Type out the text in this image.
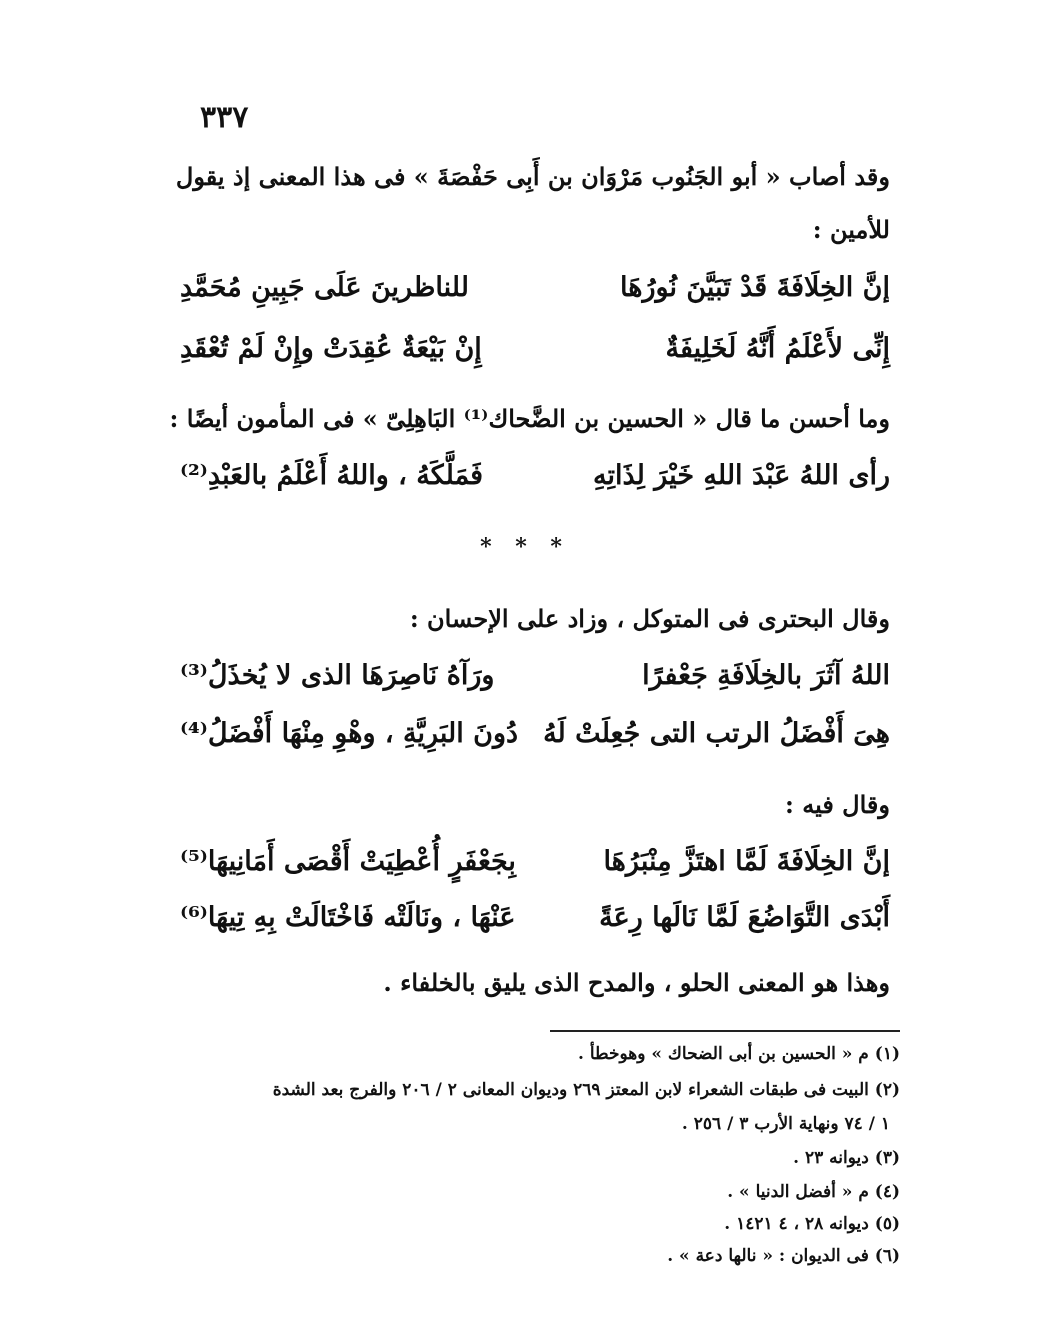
٣٣٧
وقد أصاب « أبو الجَنُوب مَرْوَان بن أَبِى حَفْصَةَ » فى هذا المعنى إذ يقول
للأمين :
إنَّ الخِلَافَةَ قَدْ تَبَيَّنَ نُورُهَا
للناظرينَ عَلَى جَبِينِ مُحَمَّدِ
إِنِّى لأَعْلَمُ أَنَّهُ لَخَلِيفَةٌ
إِنْ بَيْعَةٌ عُقِدَتْ وإِنْ لَمْ تُعْقَدِ
وما أحسن ما قال « الحسين بن الضَّحاك⁽¹⁾ البَاهِلِىّ » فى المأمون أيضًا :
رأى اللهُ عَبْدَ اللهِ خَيْرَ لِذَاتِهِ
فَمَلَّكَهُ ، واللهُ أَعْلَمُ بالعَبْدِ⁽²⁾
* * *
وقال البحترى فى المتوكل ، وزاد على الإحسان :
اللهُ آثَرَ بالخِلَافَةِ جَعْفرًا
ورَآهُ نَاصِرَهَا الذى لا يُخذَلُ⁽³⁾
هِىَ أَفْضَلُ الرتب التى جُعِلَتْ لَهُ
دُونَ البَرِيَّةِ ، وهْوِ مِنْهَا أَفْضَلُ⁽⁴⁾
وقال فيه :
إنَّ الخِلَافَةَ لَمَّا اهتَزَّ مِنْبَرُهَا
بِجَعْفَرٍ أُعْطِيَتْ أَقْصَى أَمَانِيهَا⁽⁵⁾
أَبْدَى التَّوَاضُعَ لَمَّا نَالَها رِعَةً
عَنْهَا ، ونَالَتْه فَاخْتَالَتْ بِهِ تِيهَا⁽⁶⁾
وهذا هو المعنى الحلو ، والمدح الذى يليق بالخلفاء .
(١) م « الحسين بن أبى الضحاك » وهوخطأ .
(٢) البيت فى طبقات الشعراء لابن المعتز ٢٦٩ وديوان المعانى ٢ / ٢٠٦ والفرج بعد الشدة
١ / ٧٤ ونهاية الأرب ٣ / ٢٥٦ .
(٣) ديوانه ٢٣ .
(٤) م « أفضل الدنيا » .
(٥) ديوانه ٢٨ ، ٤ ١٤٢١ .
(٦) فى الديوان : « نالها دعة » .
